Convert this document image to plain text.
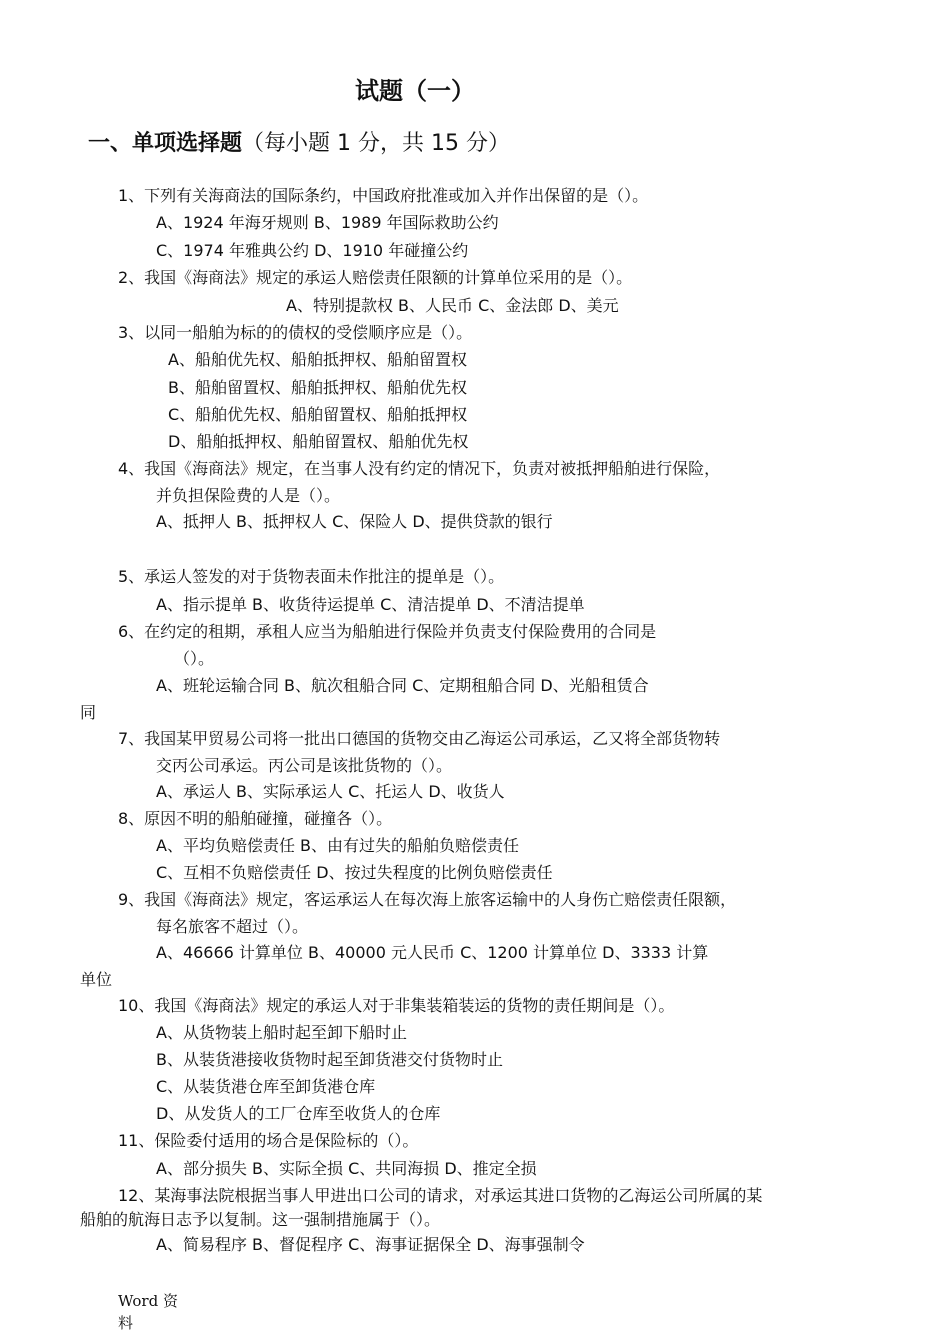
试题（一）
一、单项选择题（每小题 1 分，共 15 分）
1、下列有关海商法的国际条约，中国政府批准或加入并作出保留的是（）。
A、1924 年海牙规则 B、1989 年国际救助公约
C、1974 年雅典公约 D、1910 年碰撞公约
2、我国《海商法》规定的承运人赔偿责任限额的计算单位采用的是（）。
A、特别提款权 B、人民币 C、金法郎 D、美元
3、以同一船舶为标的的债权的受偿顺序应是（）。
A、船舶优先权、船舶抵押权、船舶留置权
B、船舶留置权、船舶抵押权、船舶优先权
C、船舶优先权、船舶留置权、船舶抵押权
D、船舶抵押权、船舶留置权、船舶优先权
4、我国《海商法》规定，在当事人没有约定的情况下，负责对被抵押船舶进行保险，
并负担保险费的人是（）。
A、抵押人 B、抵押权人 C、保险人 D、提供贷款的银行
5、承运人签发的对于货物表面未作批注的提单是（）。
A、指示提单 B、收货待运提单 C、清洁提单 D、不清洁提单
6、在约定的租期，承租人应当为船舶进行保险并负责支付保险费用的合同是
（）。
A、班轮运输合同 B、航次租船合同 C、定期租船合同 D、光船租赁合
同
7、我国某甲贸易公司将一批出口德国的货物交由乙海运公司承运，乙又将全部货物转
交丙公司承运。丙公司是该批货物的（）。
A、承运人 B、实际承运人 C、托运人 D、收货人
8、原因不明的船舶碰撞，碰撞各（）。
A、平均负赔偿责任 B、由有过失的船舶负赔偿责任
C、互相不负赔偿责任 D、按过失程度的比例负赔偿责任
9、我国《海商法》规定，客运承运人在每次海上旅客运输中的人身伤亡赔偿责任限额，
每名旅客不超过（）。
A、46666 计算单位 B、40000 元人民币 C、1200 计算单位 D、3333 计算
单位
10、我国《海商法》规定的承运人对于非集装箱装运的货物的责任期间是（）。
A、从货物装上船时起至卸下船时止
B、从装货港接收货物时起至卸货港交付货物时止
C、从装货港仓库至卸货港仓库
D、从发货人的工厂仓库至收货人的仓库
11、保险委付适用的场合是保险标的（）。
A、部分损失 B、实际全损 C、共同海损 D、推定全损
12、某海事法院根据当事人甲进出口公司的请求，对承运其进口货物的乙海运公司所属的某
船舶的航海日志予以复制。这一强制措施属于（）。
A、简易程序 B、督促程序 C、海事证据保全 D、海事强制令
Word 资料
